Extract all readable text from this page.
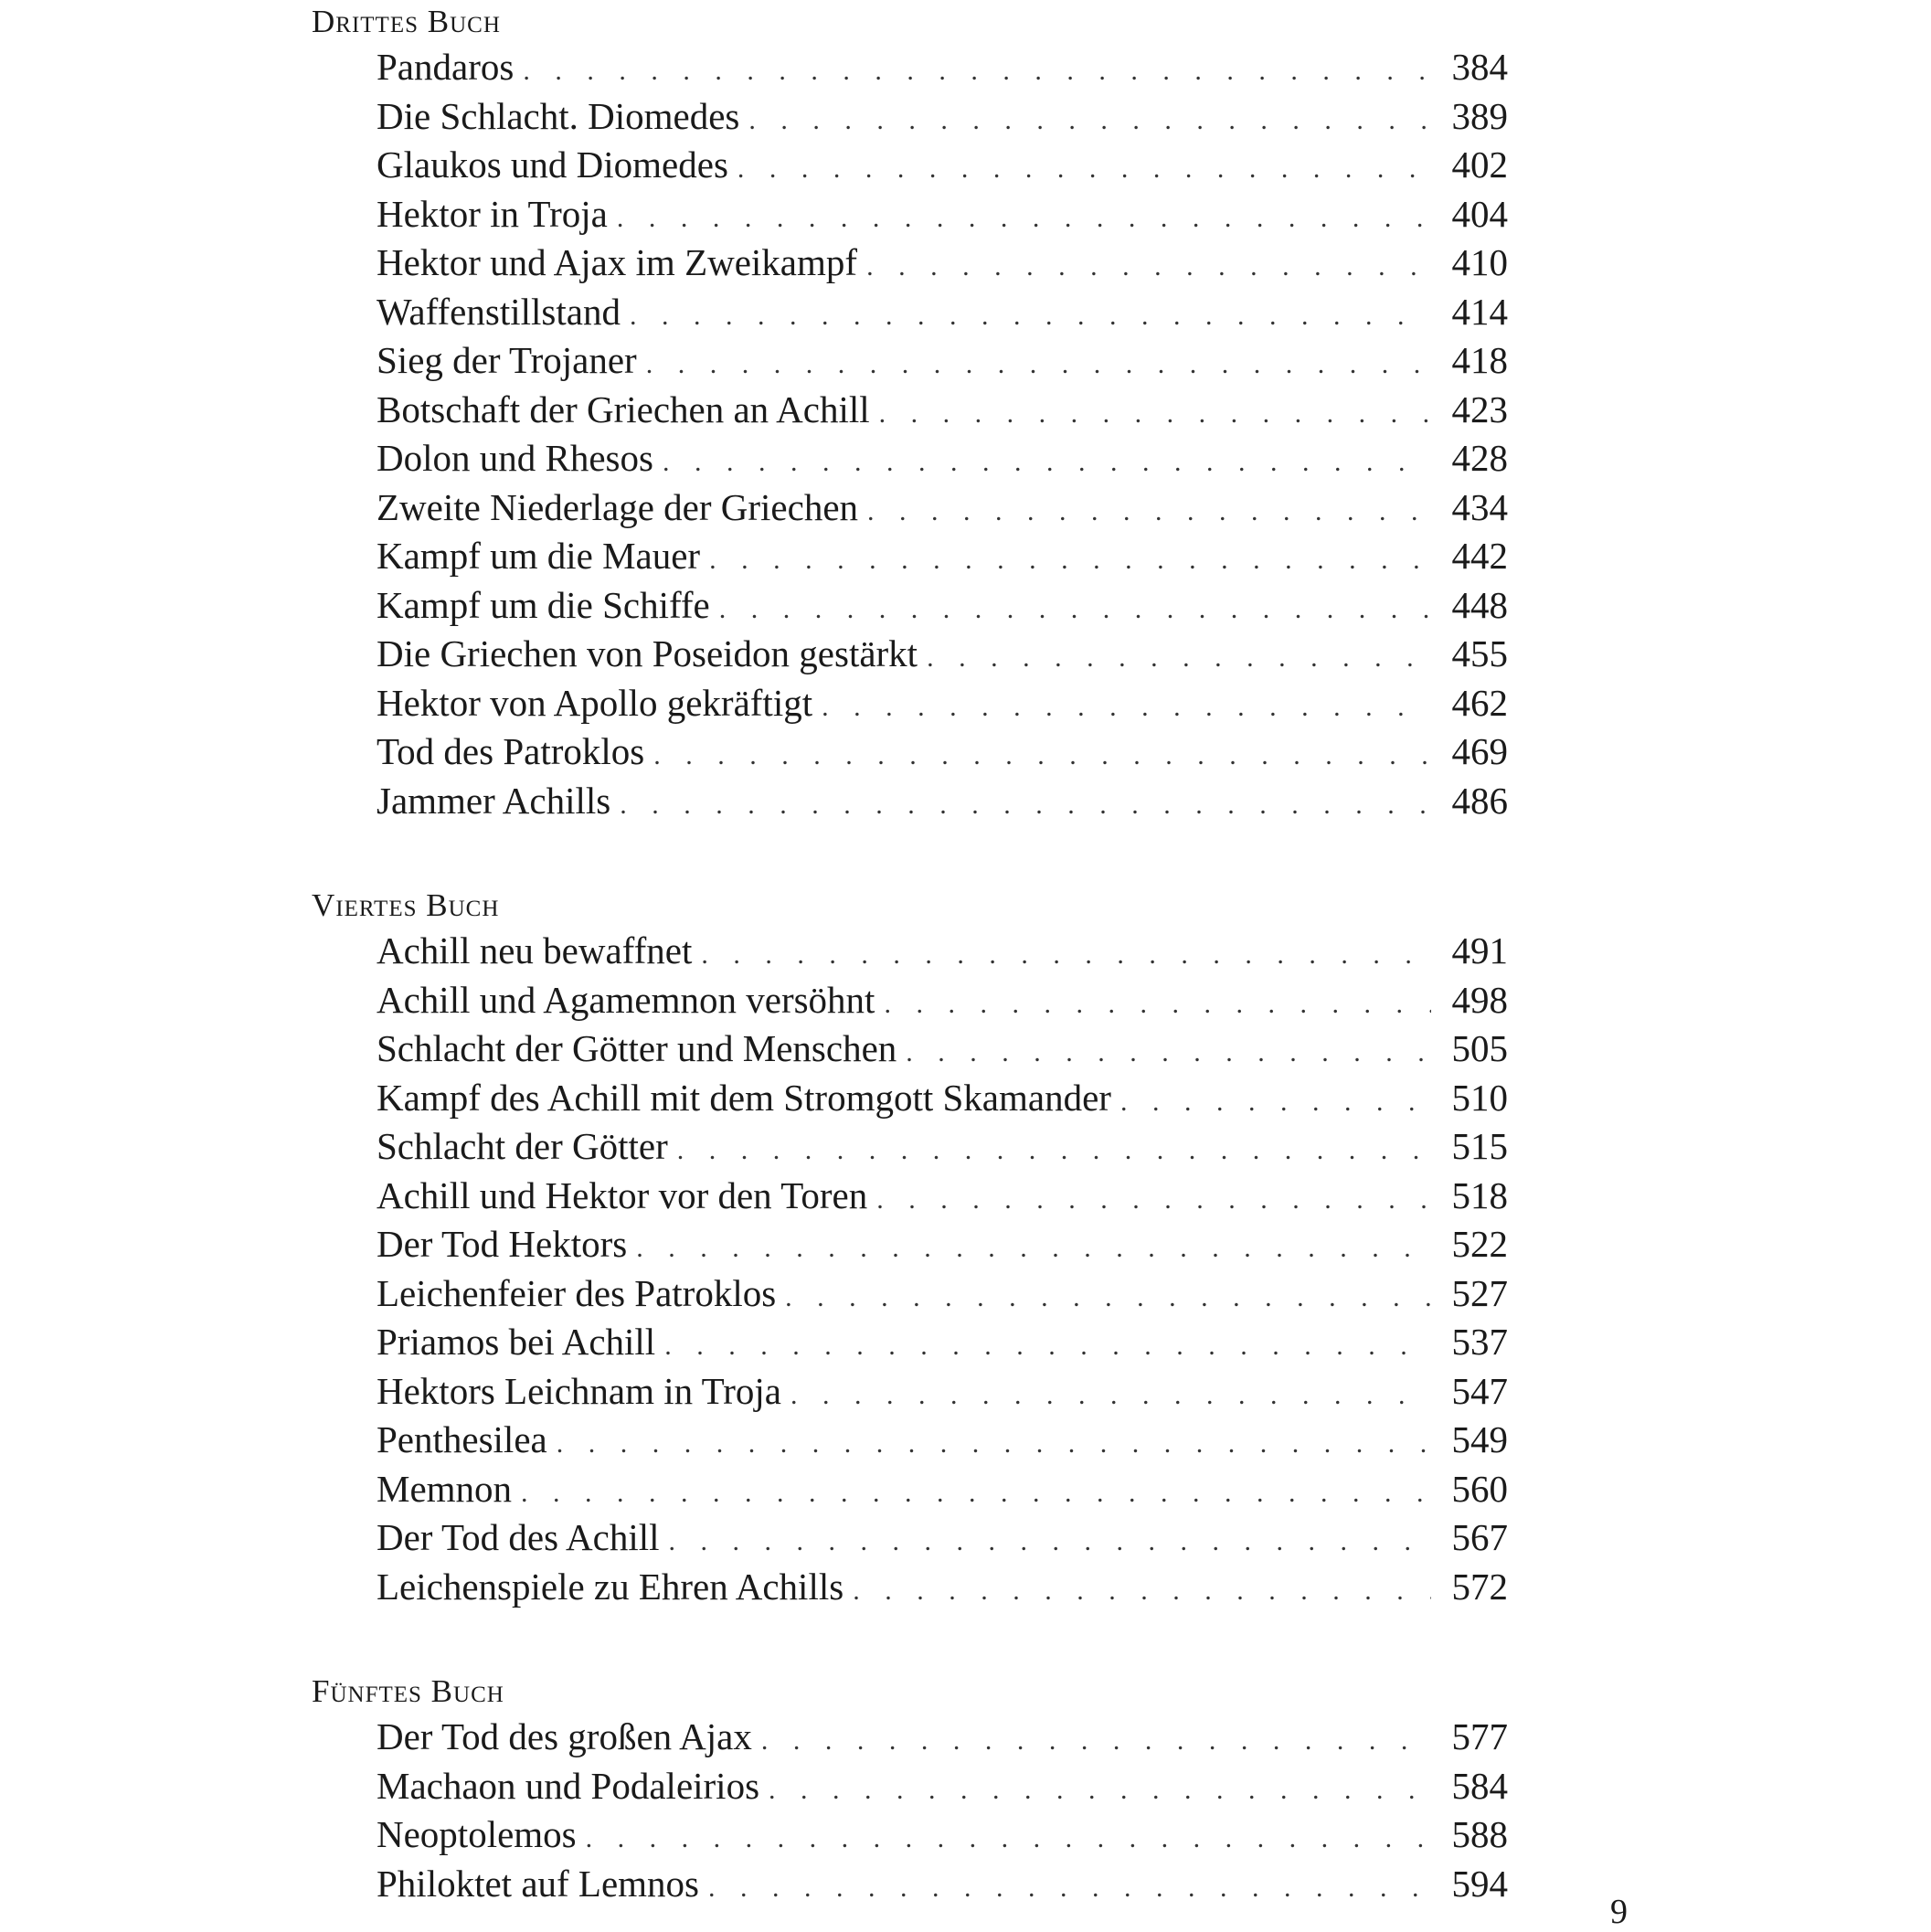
Drittes Buch
Pandaros . . .	384
Die Schlacht. Diomedes . . .	389
Glaukos und Diomedes . . .	402
Hektor in Troja . . .	404
Hektor und Ajax im Zweikampf . . .	410
Waffenstillstand . . .	414
Sieg der Trojaner . . .	418
Botschaft der Griechen an Achill . . .	423
Dolon und Rhesos . . .	428
Zweite Niederlage der Griechen . . .	434
Kampf um die Mauer . . .	442
Kampf um die Schiffe . . .	448
Die Griechen von Poseidon gestärkt . . .	455
Hektor von Apollo gekräftigt . . .	462
Tod des Patroklos . . .	469
Jammer Achills . . .	486
Viertes Buch
Achill neu bewaffnet . . .	491
Achill und Agamemnon versöhnt . . .	498
Schlacht der Götter und Menschen . . .	505
Kampf des Achill mit dem Stromgott Skamander . . .	510
Schlacht der Götter . . .	515
Achill und Hektor vor den Toren . . .	518
Der Tod Hektors . . .	522
Leichenfeier des Patroklos . . .	527
Priamos bei Achill . . .	537
Hektors Leichnam in Troja . . .	547
Penthesilea . . .	549
Memnon . . .	560
Der Tod des Achill . . .	567
Leichenspiele zu Ehren Achills . . .	572
Fünftes Buch
Der Tod des großen Ajax . . .	577
Machaon und Podaleirios . . .	584
Neoptolemos . . .	588
Philoktet auf Lemnos . . .	594
9
